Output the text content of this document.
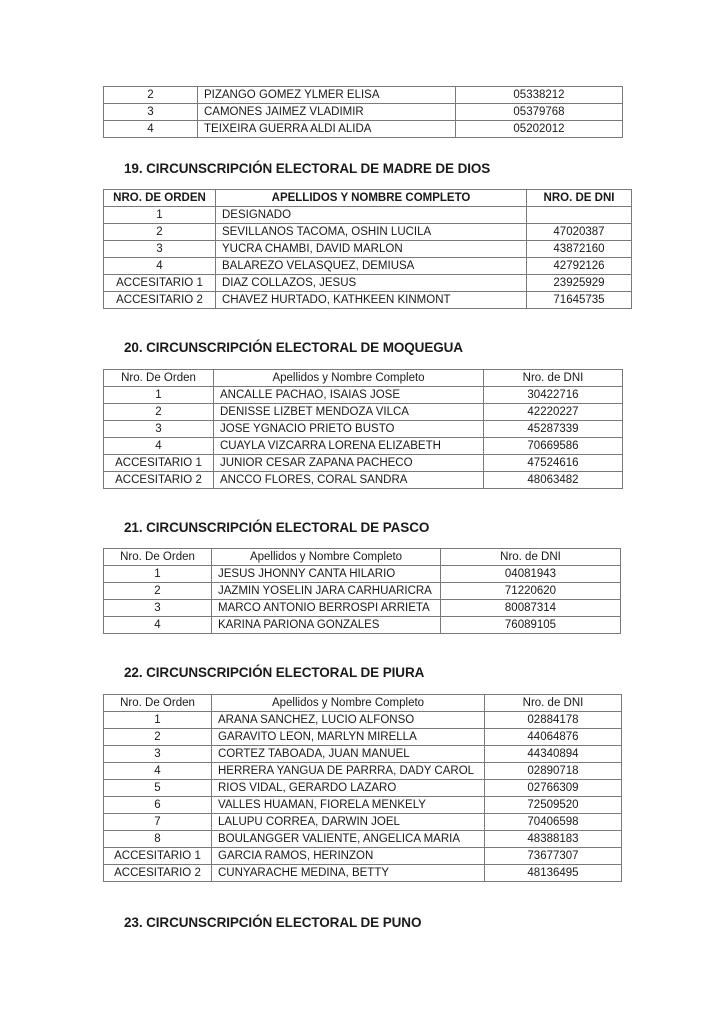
2	PIZANGO GOMEZ YLMER ELISA	05338212
3	CAMONES JAIMEZ VLADIMIR	05379768
4	TEIXEIRA GUERRA ALDI ALIDA	05202012
19. CIRCUNSCRIPCIÓN ELECTORAL DE MADRE DE DIOS
NRO. DE ORDEN	APELLIDOS Y NOMBRE COMPLETO	NRO. DE DNI
1	DESIGNADO	
2	SEVILLANOS TACOMA, OSHIN LUCILA	47020387
3	YUCRA CHAMBI, DAVID MARLON	43872160
4	BALAREZO VELASQUEZ, DEMIUSA	42792126
ACCESITARIO 1	DIAZ COLLAZOS, JESUS	23925929
ACCESITARIO 2	CHAVEZ HURTADO, KATHKEEN KINMONT	71645735
20. CIRCUNSCRIPCIÓN ELECTORAL DE MOQUEGUA
Nro. De Orden	Apellidos y Nombre Completo	Nro. de DNI
1	ANCALLE PACHAO, ISAIAS JOSE	30422716
2	DENISSE LIZBET MENDOZA VILCA	42220227
3	JOSE YGNACIO PRIETO BUSTO	45287339
4	CUAYLA VIZCARRA LORENA ELIZABETH	70669586
ACCESITARIO 1	JUNIOR CESAR ZAPANA PACHECO	47524616
ACCESITARIO 2	ANCCO FLORES, CORAL SANDRA	48063482
21. CIRCUNSCRIPCIÓN ELECTORAL DE PASCO
Nro. De Orden	Apellidos y Nombre Completo	Nro. de DNI
1	JESUS JHONNY CANTA HILARIO	04081943
2	JAZMIN YOSELIN JARA CARHUARICRA	71220620
3	MARCO ANTONIO BERROSPI ARRIETA	80087314
4	KARINA PARIONA GONZALES	76089105
22. CIRCUNSCRIPCIÓN ELECTORAL DE PIURA
Nro. De Orden	Apellidos y Nombre Completo	Nro. de DNI
1	ARANA SANCHEZ, LUCIO ALFONSO	02884178
2	GARAVITO LEON, MARLYN MIRELLA	44064876
3	CORTEZ TABOADA, JUAN MANUEL	44340894
4	HERRERA YANGUA DE PARRRA, DADY CAROL	02890718
5	RIOS VIDAL, GERARDO LAZARO	02766309
6	VALLES HUAMAN, FIORELA MENKELY	72509520
7	LALUPU CORREA, DARWIN JOEL	70406598
8	BOULANGGER VALIENTE, ANGELICA MARIA	48388183
ACCESITARIO 1	GARCIA RAMOS, HERINZON	73677307
ACCESITARIO 2	CUNYARACHE MEDINA, BETTY	48136495
23. CIRCUNSCRIPCIÓN ELECTORAL DE PUNO
